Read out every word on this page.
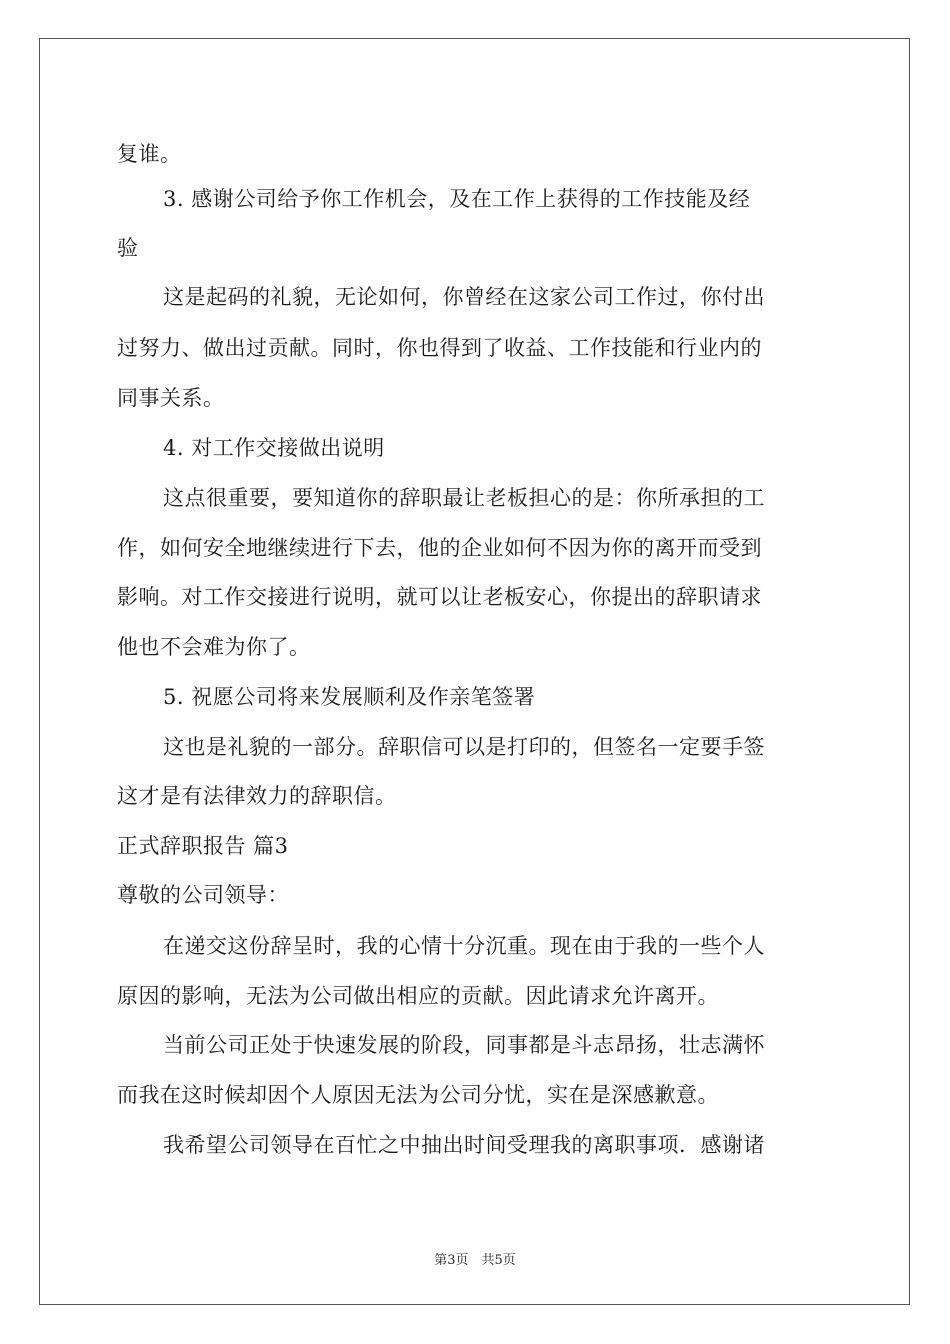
复谁。
3. 感谢公司给予你工作机会，及在工作上获得的工作技能及经
验
这是起码的礼貌，无论如何，你曾经在这家公司工作过，你付出
过努力、做出过贡献。同时，你也得到了收益、工作技能和行业内的
同事关系。
4. 对工作交接做出说明
这点很重要，要知道你的辞职最让老板担心的是：你所承担的工
作，如何安全地继续进行下去，他的企业如何不因为你的离开而受到
影响。对工作交接进行说明，就可以让老板安心，你提出的辞职请求
他也不会难为你了。
5. 祝愿公司将来发展顺利及作亲笔签署
这也是礼貌的一部分。辞职信可以是打印的，但签名一定要手签
这才是有法律效力的辞职信。
正式辞职报告 篇3
尊敬的公司领导：
在递交这份辞呈时，我的心情十分沉重。现在由于我的一些个人
原因的影响，无法为公司做出相应的贡献。因此请求允许离开。
当前公司正处于快速发展的阶段，同事都是斗志昂扬，壮志满怀
而我在这时候却因个人原因无法为公司分忧，实在是深感歉意。
我希望公司领导在百忙之中抽出时间受理我的离职事项．感谢诸
第3页　共5页
